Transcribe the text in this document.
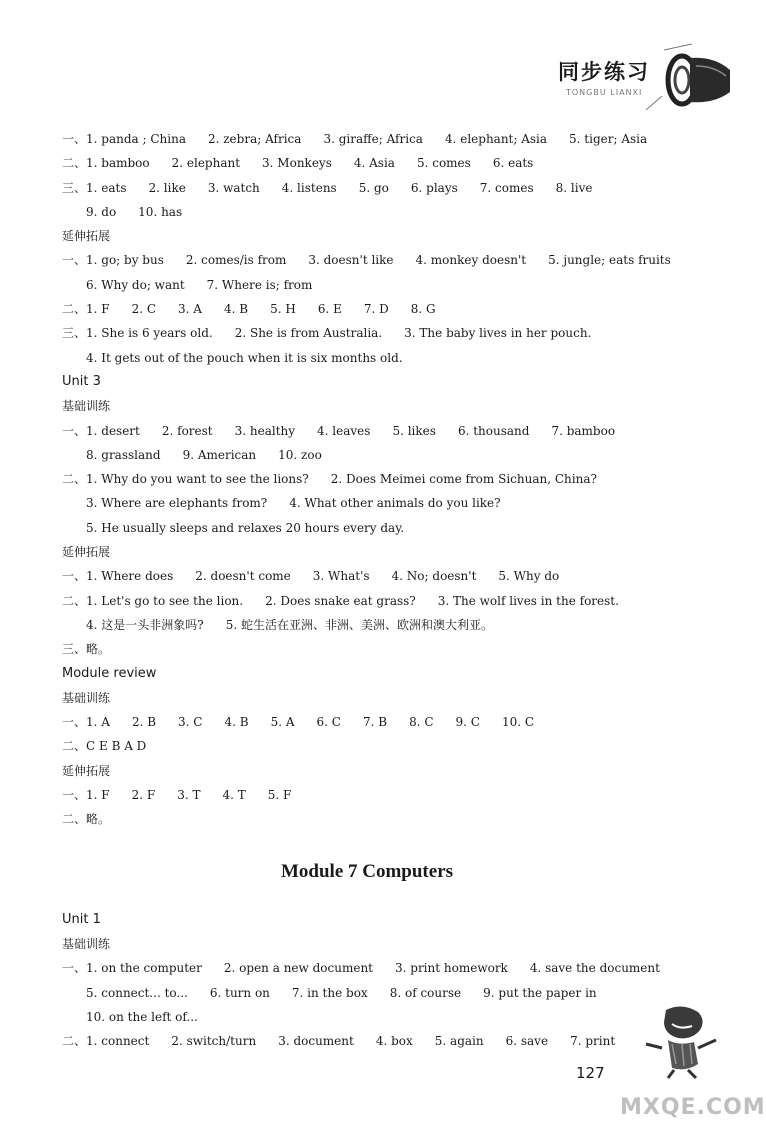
同步练习
TONGBU LIANXI
一、1. panda ; China 2. zebra; Africa 3. giraffe; Africa 4. elephant; Asia 5. tiger; Asia
二、1. bamboo 2. elephant 3. Monkeys 4. Asia 5. comes 6. eats
三、1. eats 2. like 3. watch 4. listens 5. go 6. plays 7. comes 8. live
9. do 10. has
延伸拓展
一、1. go; by bus 2. comes/is from 3. doesn't like 4. monkey doesn't 5. jungle; eats fruits
6. Why do; want 7. Where is; from
二、1. F 2. C 3. A 4. B 5. H 6. E 7. D 8. G
三、1. She is 6 years old. 2. She is from Australia. 3. The baby lives in her pouch.
4. It gets out of the pouch when it is six months old.
Unit 3
基础训练
一、1. desert 2. forest 3. healthy 4. leaves 5. likes 6. thousand 7. bamboo
8. grassland 9. American 10. zoo
二、1. Why do you want to see the lions? 2. Does Meimei come from Sichuan, China?
3. Where are elephants from? 4. What other animals do you like?
5. He usually sleeps and relaxes 20 hours every day.
延伸拓展
一、1. Where does 2. doesn't come 3. What's 4. No; doesn't 5. Why do
二、1. Let's go to see the lion. 2. Does snake eat grass? 3. The wolf lives in the forest.
4. 这是一头非洲象吗? 5. 蛇生活在亚洲、非洲、美洲、欧洲和澳大利亚。
三、略。
Module review
基础训练
一、1. A 2. B 3. C 4. B 5. A 6. C 7. B 8. C 9. C 10. C
二、C E B A D
延伸拓展
一、1. F 2. F 3. T 4. T 5. F
二、略。
Module 7 Computers
Unit 1
基础训练
一、1. on the computer 2. open a new document 3. print homework 4. save the document
5. connect... to... 6. turn on 7. in the box 8. of course 9. put the paper in
10. on the left of...
二、1. connect 2. switch/turn 3. document 4. box 5. again 6. save 7. print
127
MXQE.COM
